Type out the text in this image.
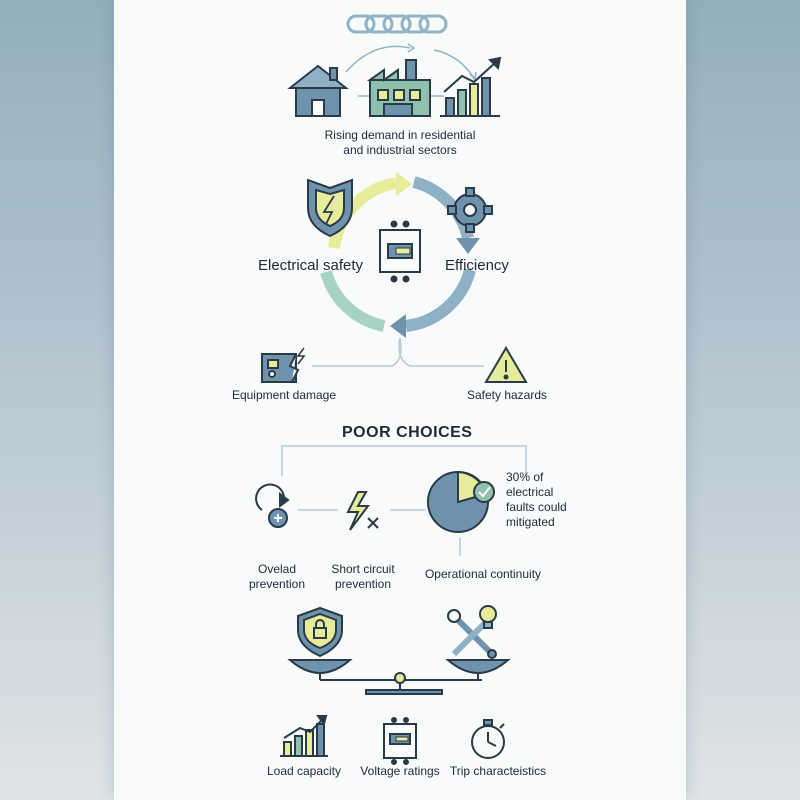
Rising demand in residential
and industrial sectors
Electrical safety	Efficiency
Equipment damage	Safety hazards
POOR CHOICES
Ovelad
prevention
Short circuit
prevention
Operational continuity
30% of
electrical
faults could
mitigated
Load capacity	Voltage ratings Trip characteistics
